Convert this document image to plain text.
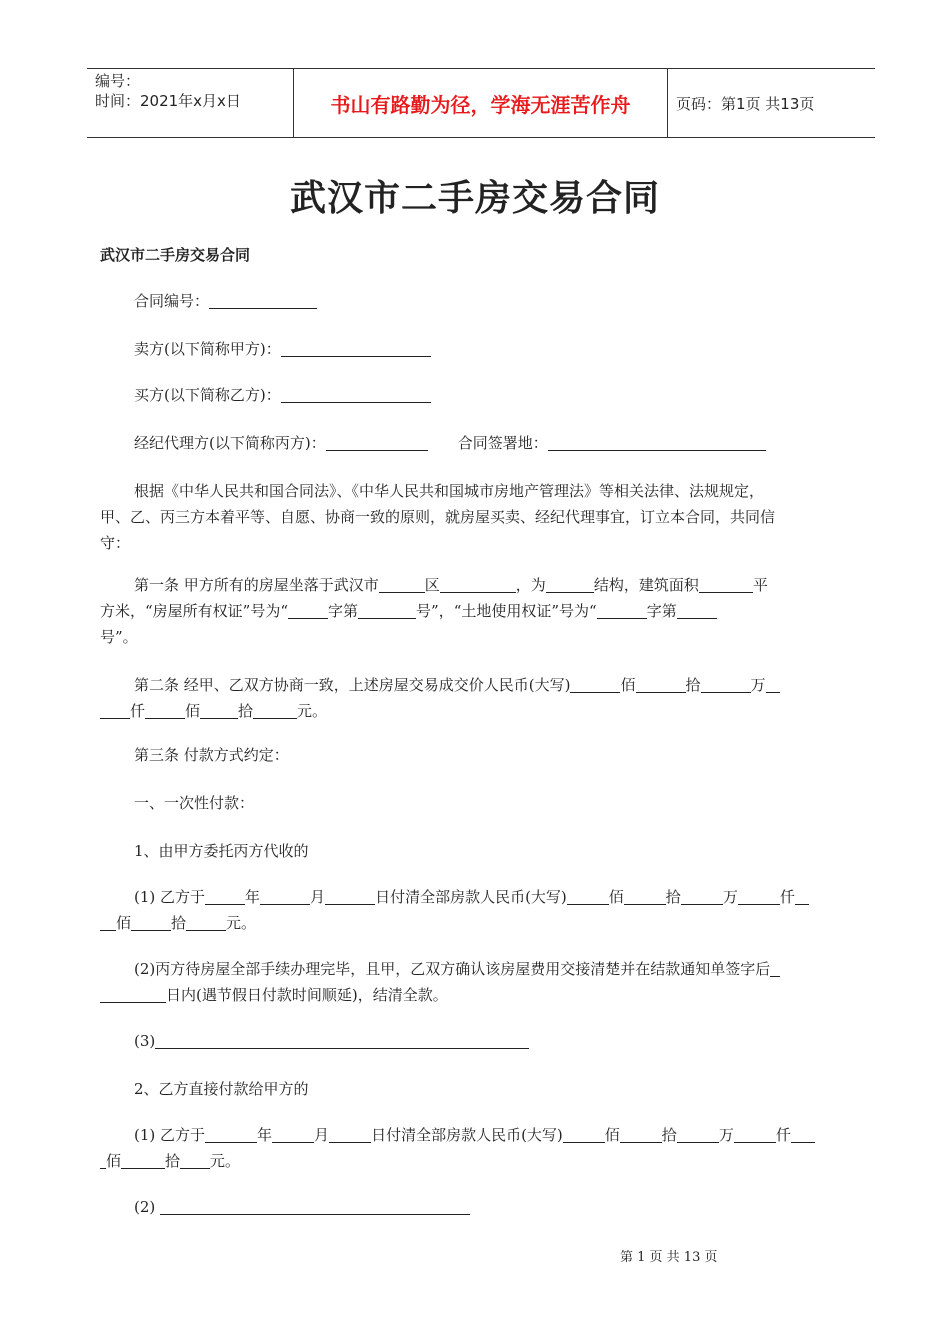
编号：
时间：2021年x月x日	书山有路勤为径，学海无涯苦作舟	页码：第1页 共13页
武汉市二手房交易合同
武汉市二手房交易合同
合同编号：
卖方(以下简称甲方)：
买方(以下简称乙方)：
经纪代理方(以下简称丙方)：	合同签署地：
根据《中华人民共和国合同法》、《中华人民共和国城市房地产管理法》等相关法律、法规规定，
甲、乙、丙三方本着平等、自愿、协商一致的原则，就房屋买卖、经纪代理事宜，订立本合同，共同信
守：
第一条 甲方所有的房屋坐落于武汉市	区	，为	结构，建筑面积	平
方米，“房屋所有权证”号为“	字第	号”，“土地使用权证”号为“	字第
号”。
第二条 经甲、乙双方协商一致，上述房屋交易成交价人民币(大写)	佰	拾	万
仟	佰	拾	元。
第三条 付款方式约定：
一、一次性付款：
1、由甲方委托丙方代收的
(1) 乙方于	年	月	日付清全部房款人民币(大写)	佰	拾	万	仟
佰	拾	元。
(2)丙方待房屋全部手续办理完毕，且甲，乙双方确认该房屋费用交接清楚并在结款通知单签字后
日内(遇节假日付款时间顺延)，结清全款。
(3)
2、乙方直接付款给甲方的
(1) 乙方于	年	月	日付清全部房款人民币(大写)	佰	拾	万	仟
佰	拾 元。
(2)
第 1 页 共 13 页
